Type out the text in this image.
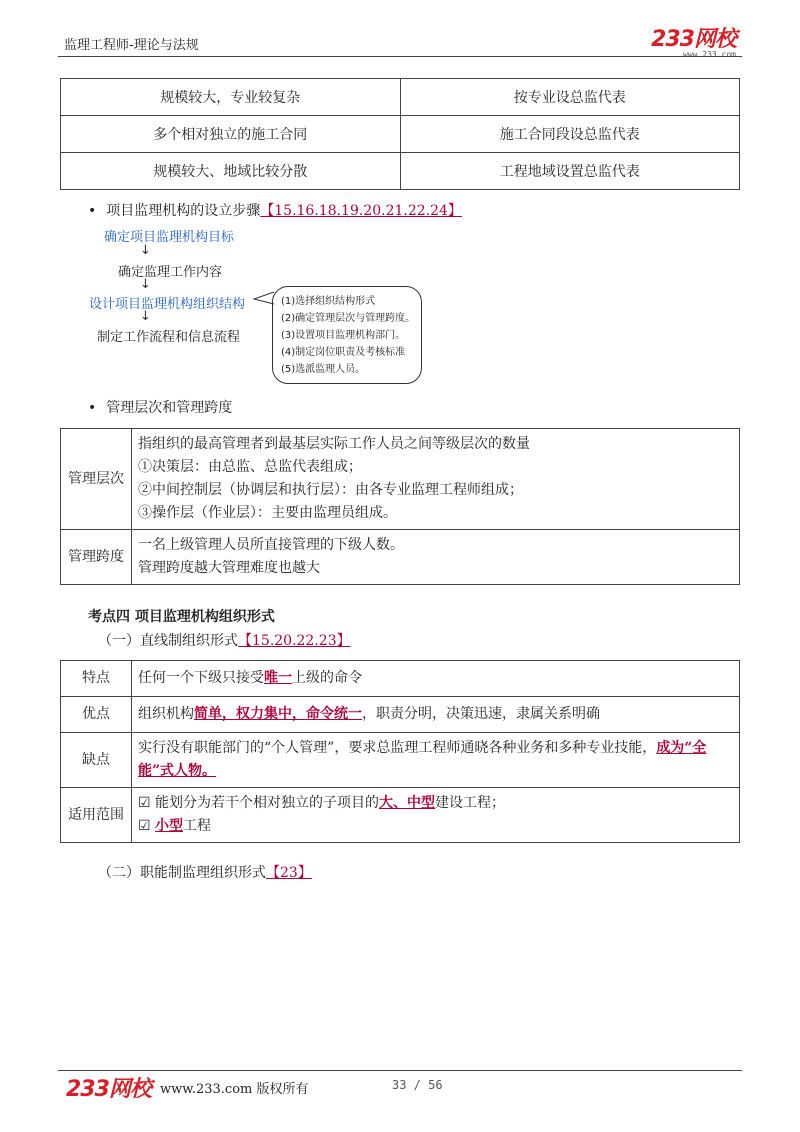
监理工程师-理论与法规	233网校
www.233.com
规模较大，专业较复杂	按专业设总监代表
多个相对独立的施工合同	施工合同段设总监代表
规模较大、地域比较分散	工程地域设置总监代表
• 项目监理机构的设立步骤【15.16.18.19.20.21.22.24】
确定项目监理机构目标
↓
确定监理工作内容
↓
设计项目监理机构组织结构
↓
制定工作流程和信息流程
(1)选择组织结构形式
(2)确定管理层次与管理跨度。
(3)设置项目监理机构部门。
(4)制定岗位职责及考核标准
(5)选派监理人员。
• 管理层次和管理跨度
管理层次	指组织的最高管理者到最基层实际工作人员之间等级层次的数量
①决策层：由总监、总监代表组成；
②中间控制层（协调层和执行层）：由各专业监理工程师组成；
③操作层（作业层）：主要由监理员组成。

管理跨度	一名上级管理人员所直接管理的下级人数。
管理跨度越大管理难度也越大
考点四 项目监理机构组织形式
（一）直线制组织形式【15.20.22.23】
特点	任何一个下级只接受唯一上级的命令
优点	组织机构简单，权力集中，命令统一，职责分明，决策迅速，隶属关系明确
缺点	实行没有职能部门的“个人管理”，要求总监理工程师通晓各种业务和多种专业技能，成为“全能”式人物。
适用范围	☑ 能划分为若干个相对独立的子项目的大、中型建设工程；
☑ 小型工程
（二）职能制监理组织形式【23】
233网校 www.233.com 版权所有	33 / 56
